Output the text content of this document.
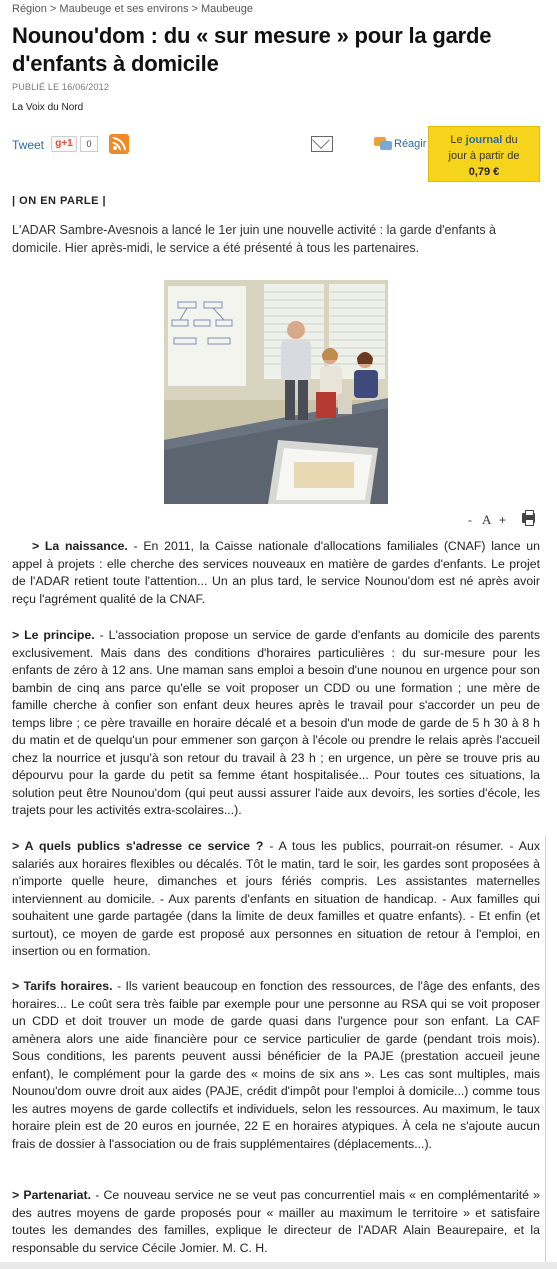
Région > Maubeuge et ses environs > Maubeuge
Nounou'dom : du « sur mesure » pour la garde d'enfants à domicile
PUBLIÉ LE 16/06/2012
La Voix du Nord
Tweet	g+1	0	Réagir	Le journal du
jour à partir de
0,79 €
| ON EN PARLE |

L'ADAR Sambre-Avesnois a lancé le 1er juin une nouvelle activité : la garde d'enfants à domicile. Hier après-midi, le service a été présenté à tous les partenaires.

- A +

> La naissance. - En 2011, la Caisse nationale d'allocations familiales (CNAF) lance un appel à projets : elle cherche des services nouveaux en matière de gardes d'enfants. Le projet de l'ADAR retient toute l'attention... Un an plus tard, le service Nounou'dom est né après avoir reçu l'agrément qualité de la CNAF.

> Le principe. - L'association propose un service de garde d'enfants au domicile des parents exclusivement. Mais dans des conditions d'horaires particulières : du sur-mesure pour les enfants de zéro à 12 ans. Une maman sans emploi a besoin d'une nounou en urgence pour son bambin de cinq ans parce qu'elle se voit proposer un CDD ou une formation ; une mère de famille cherche à confier son enfant deux heures après le travail pour s'accorder un peu de temps libre ; ce père travaille en horaire décalé et a besoin d'un mode de garde de 5 h 30 à 8 h du matin et de quelqu'un pour emmener son garçon à l'école ou prendre le relais après l'accueil chez la nourrice et jusqu'à son retour du travail à 23 h ; en urgence, un père se trouve pris au dépourvu pour la garde du petit sa femme étant hospitalisée... Pour toutes ces situations, la solution peut être Nounou'dom (qui peut aussi assurer l'aide aux devoirs, les sorties d'école, les trajets pour les activités extra-scolaires...).

> A quels publics s'adresse ce service ? - A tous les publics, pourrait-on résumer. - Aux salariés aux horaires flexibles ou décalés. Tôt le matin, tard le soir, les gardes sont proposées à n'importe quelle heure, dimanches et jours fériés compris. Les assistantes maternelles interviennent au domicile. - Aux parents d'enfants en situation de handicap. - Aux familles qui souhaitent une garde partagée (dans la limite de deux familles et quatre enfants). - Et enfin (et surtout), ce moyen de garde est proposé aux personnes en situation de retour à l'emploi, en insertion ou en formation.

> Tarifs horaires. - Ils varient beaucoup en fonction des ressources, de l'âge des enfants, des horaires... Le coût sera très faible par exemple pour une personne au RSA qui se voit proposer un CDD et doit trouver un mode de garde quasi dans l'urgence pour son enfant. La CAF amènera alors une aide financière pour ce service particulier de garde (pendant trois mois). Sous conditions, les parents peuvent aussi bénéficier de la PAJE (prestation accueil jeune enfant), le complément pour la garde des « moins de six ans ». Les cas sont multiples, mais Nounou'dom ouvre droit aux aides (PAJE, crédit d'impôt pour l'emploi à domicile...) comme tous les autres moyens de garde collectifs et individuels, selon les ressources. Au maximum, le taux horaire plein est de 20 euros en journée, 22 E en horaires atypiques. À cela ne s'ajoute aucun frais de dossier à l'association ou de frais supplémentaires (déplacements...).

> Partenariat. - Ce nouveau service ne se veut pas concurrentiel mais « en complémentarité » des autres moyens de garde proposés pour « mailler au maximum le territoire » et satisfaire toutes les demandes des familles, explique le directeur de l'ADAR Alain Beaurepaire, et la responsable du service Cécile Jomier. M. C. H.
